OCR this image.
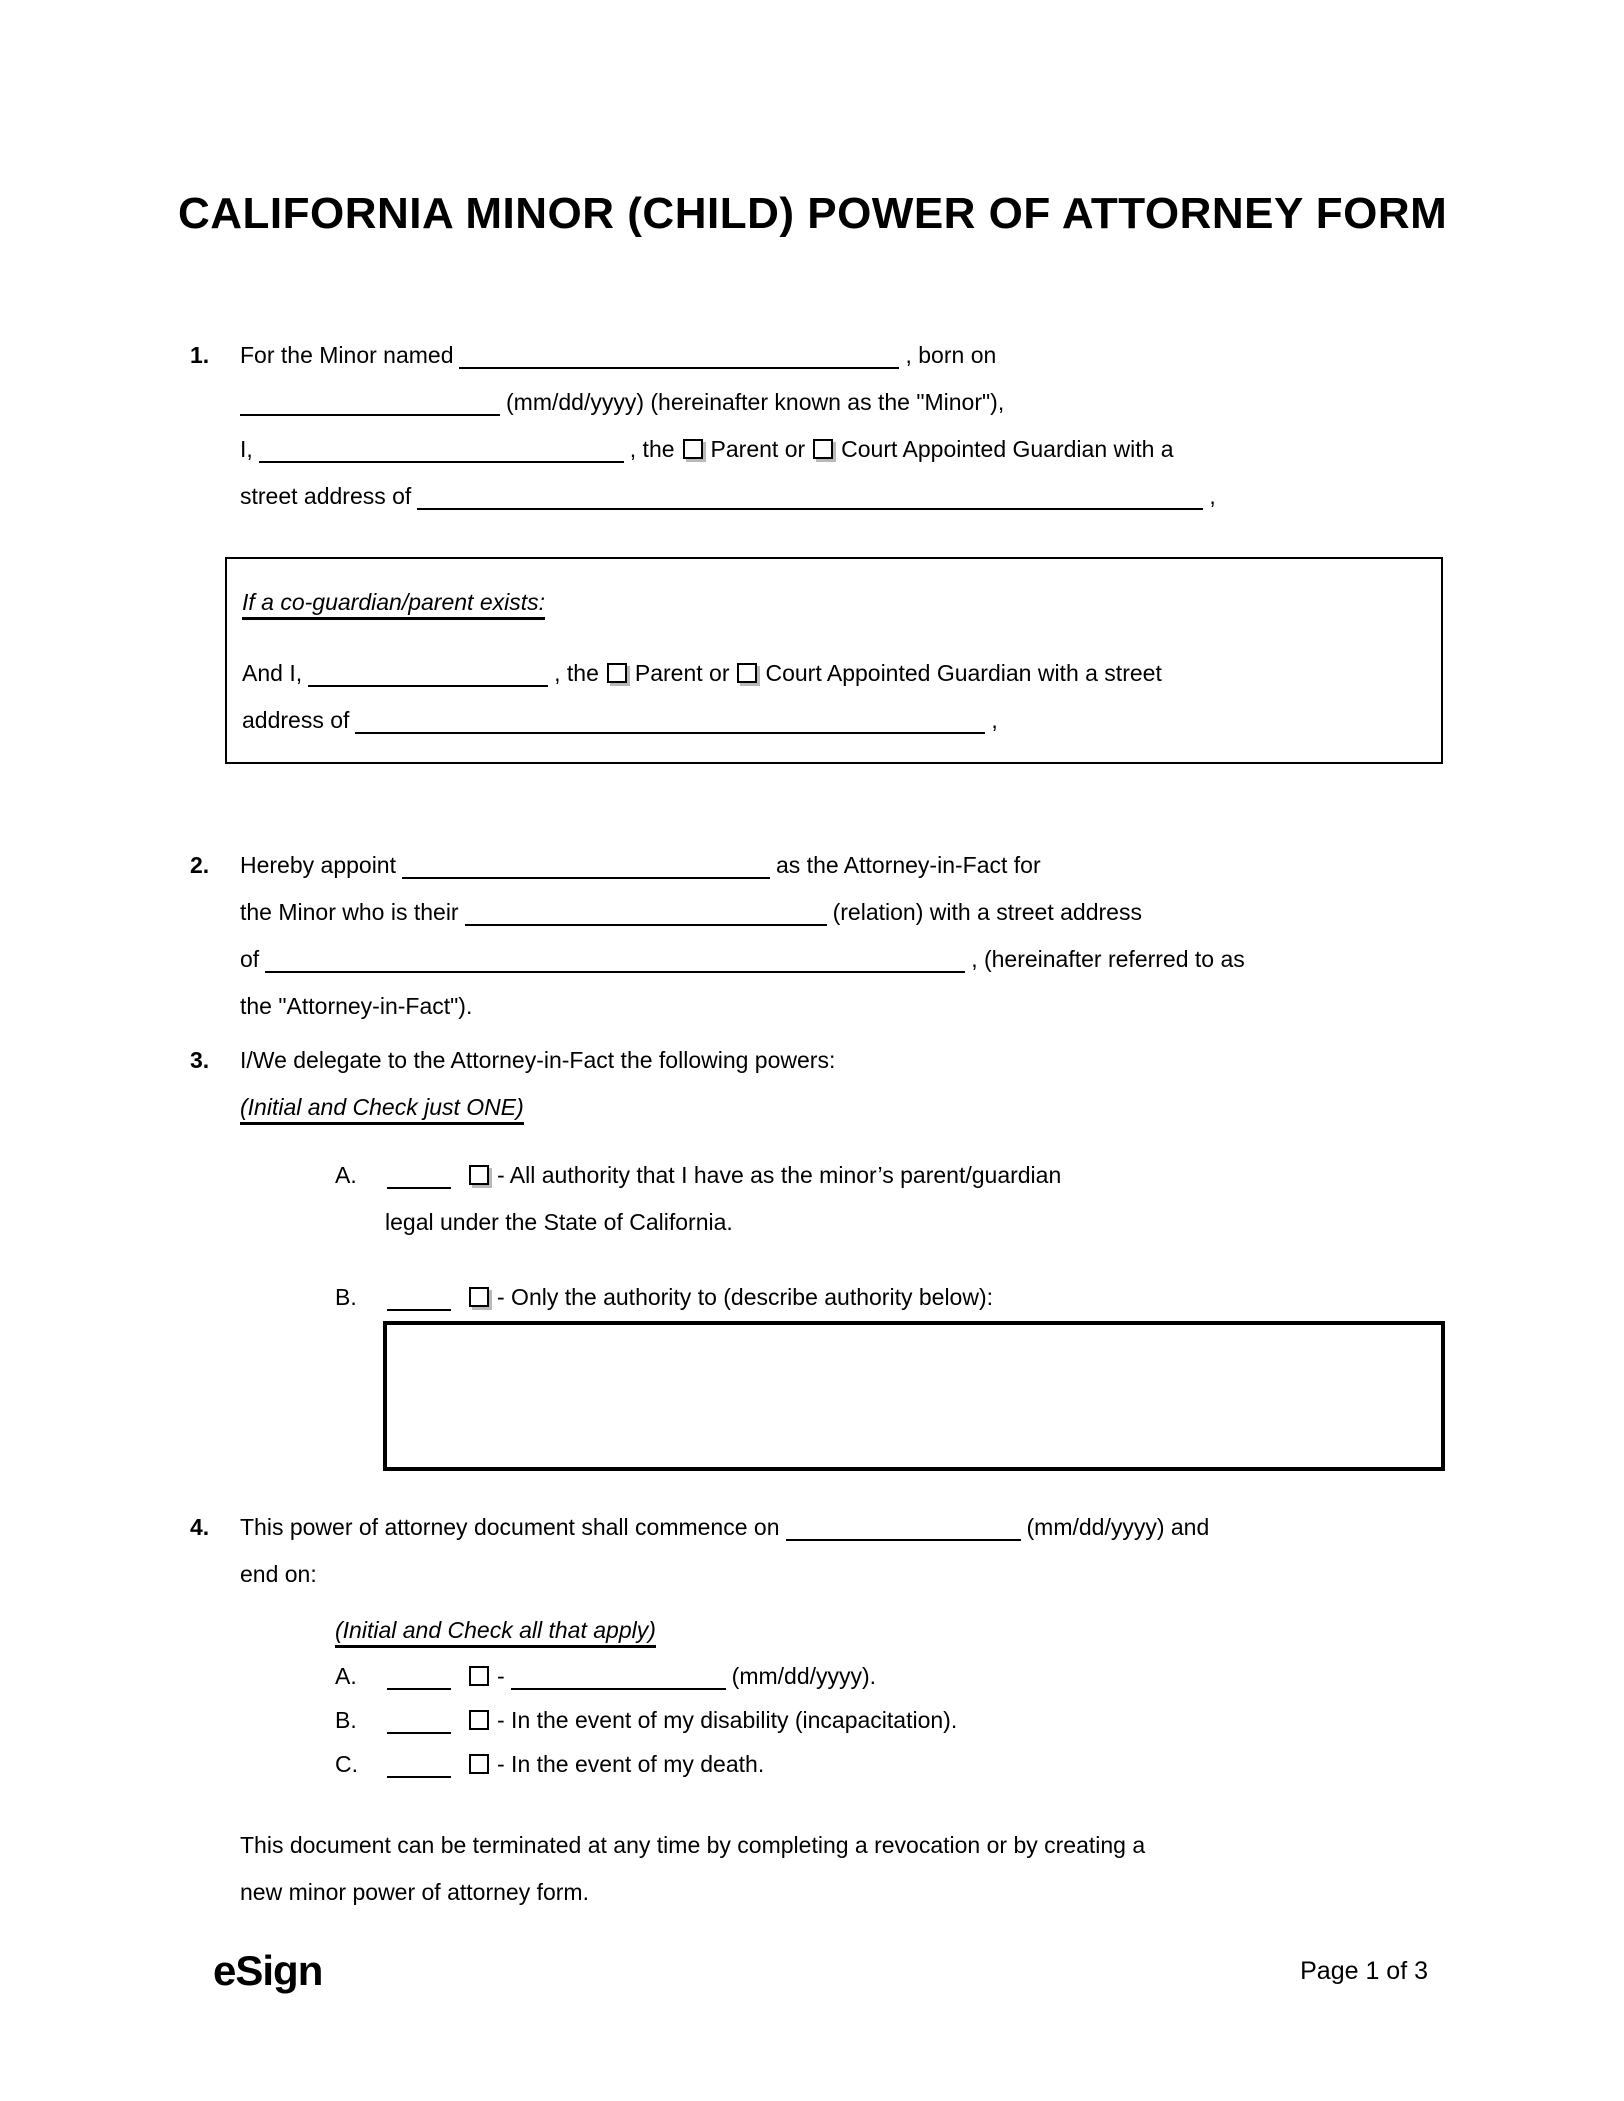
CALIFORNIA MINOR (CHILD) POWER OF ATTORNEY FORM
1. For the Minor named	, born on
(mm/dd/yyyy) (hereinafter known as the "Minor"),
I,	, the Parent or Court Appointed Guardian with a
street address of	,
If a co-guardian/parent exists:
And I,	, the Parent or Court Appointed Guardian with a street
address of	,
2. Hereby appoint	as the Attorney-in-Fact for
the Minor who is their	(relation) with a street address
of	, (hereinafter referred to as
the "Attorney-in-Fact").
3. I/We delegate to the Attorney-in-Fact the following powers:
(Initial and Check just ONE)
A.	- All authority that I have as the minor’s parent/guardian
legal under the State of California.
B.	- Only the authority to (describe authority below):
4. This power of attorney document shall commence on	(mm/dd/yyyy) and
end on:
(Initial and Check all that apply)
A.	-	(mm/dd/yyyy).
B.	- In the event of my disability (incapacitation).
C.	- In the event of my death.
This document can be terminated at any time by completing a revocation or by creating a
new minor power of attorney form.
eSign	Page 1 of 3
